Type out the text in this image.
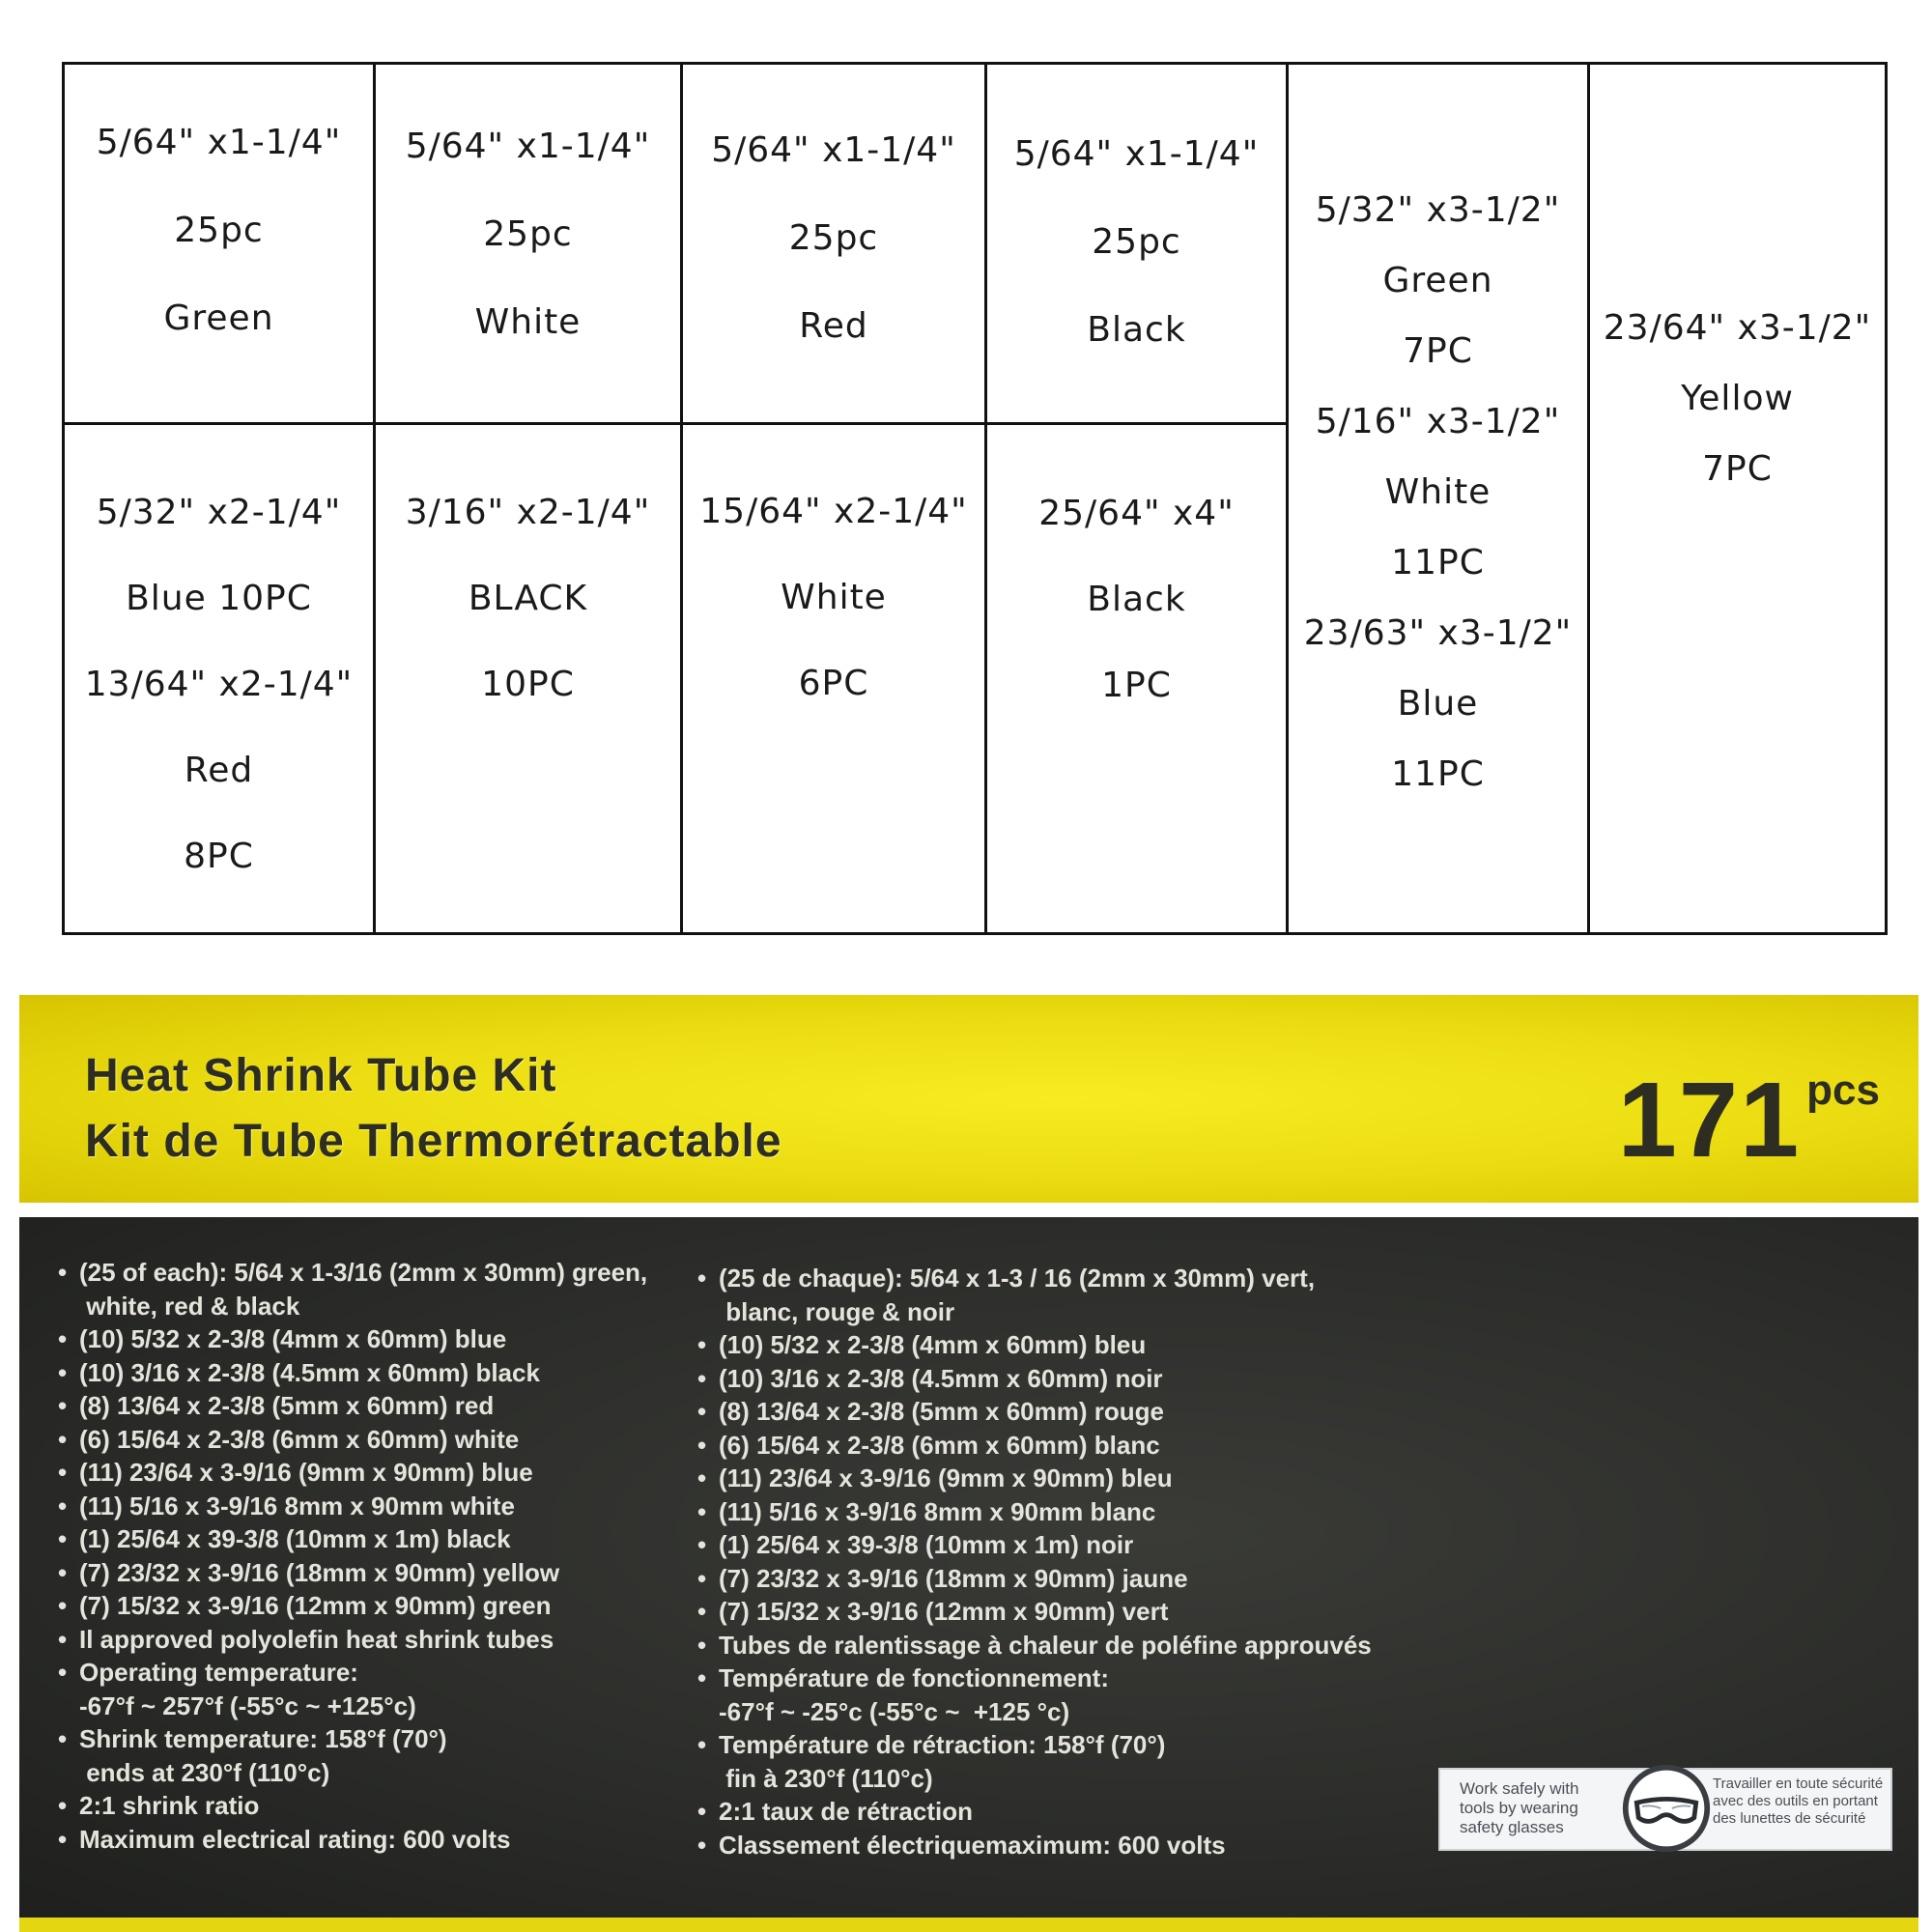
5/64" x1-1/4"
25pc
Green
5/64" x1-1/4"
25pc
White
5/64" x1-1/4"
25pc
Red
5/64" x1-1/4"
25pc
Black
5/32" x3-1/2"
Green
7PC
5/16" x3-1/2"
White
11PC
23/63" x3-1/2"
Blue
11PC
23/64" x3-1/2"
Yellow
7PC
5/32" x2-1/4"
Blue 10PC
13/64" x2-1/4"
Red
8PC
3/16" x2-1/4"
BLACK
10PC
15/64" x2-1/4"
White
6PC
25/64" x4"
Black
1PC
Heat Shrink Tube Kit
Kit de Tube Thermorétractable	171 pcs
• (25 of each): 5/64 x 1-3/16 (2mm x 30mm) green,
white, red & black
• (10) 5/32 x 2-3/8 (4mm x 60mm) blue
• (10) 3/16 x 2-3/8 (4.5mm x 60mm) black
• (8) 13/64 x 2-3/8 (5mm x 60mm) red
• (6) 15/64 x 2-3/8 (6mm x 60mm) white
• (11) 23/64 x 3-9/16 (9mm x 90mm) blue
• (11) 5/16 x 3-9/16 8mm x 90mm white
• (1) 25/64 x 39-3/8 (10mm x 1m) black
• (7) 23/32 x 3-9/16 (18mm x 90mm) yellow
• (7) 15/32 x 3-9/16 (12mm x 90mm) green
• Il approved polyolefin heat shrink tubes
• Operating temperature:
-67°f ~ 257°f (-55°c ~ +125°c)
• Shrink temperature: 158°f (70°)
ends at 230°f (110°c)
• 2:1 shrink ratio
• Maximum electrical rating: 600 volts
• (25 de chaque): 5/64 x 1-3 / 16 (2mm x 30mm) vert,
blanc, rouge & noir
• (10) 5/32 x 2-3/8 (4mm x 60mm) bleu
• (10) 3/16 x 2-3/8 (4.5mm x 60mm) noir
• (8) 13/64 x 2-3/8 (5mm x 60mm) rouge
• (6) 15/64 x 2-3/8 (6mm x 60mm) blanc
• (11) 23/64 x 3-9/16 (9mm x 90mm) bleu
• (11) 5/16 x 3-9/16 8mm x 90mm blanc
• (1) 25/64 x 39-3/8 (10mm x 1m) noir
• (7) 23/32 x 3-9/16 (18mm x 90mm) jaune
• (7) 15/32 x 3-9/16 (12mm x 90mm) vert
• Tubes de ralentissage à chaleur de poléfine approuvés
• Température de fonctionnement:
-67°f ~ -25°c (-55°c ~  +125 °c)
• Température de rétraction: 158°f (70°)
fin à 230°f (110°c)
• 2:1 taux de rétraction
• Classement électriquemaximum: 600 volts
Work safely with tools by wearing safety glasses
Travailler en toute sécurité avec des outils en portant des lunettes de sécurité
